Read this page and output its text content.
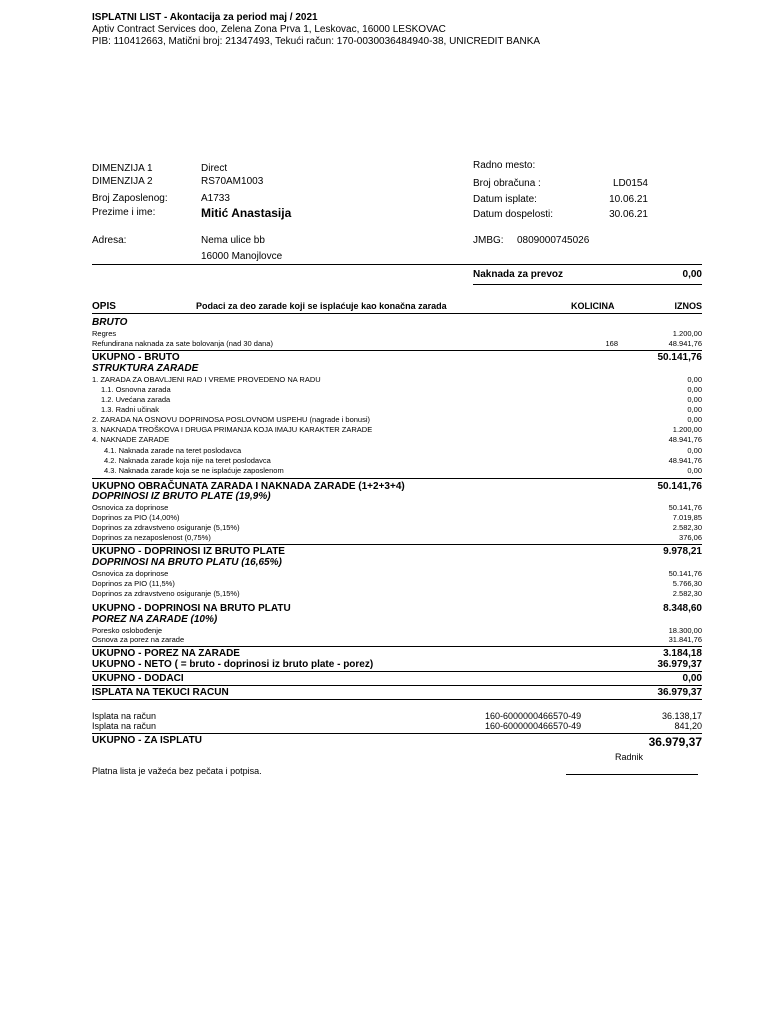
ISPLATNI LIST - Akontacija za period maj / 2021
Aptiv Contract Services doo, Zelena Zona Prva 1, Leskovac, 16000 LESKOVAC
PIB: 110412663, Matični broj: 21347493, Tekući račun: 170-0030036484940-38, UNICREDIT BANKA
DIMENZIJA 1	Direct
DIMENZIJA 2	RS70AM1003
Broj Zaposlenog:	A1733
Prezime i ime:	Mitić Anastasija
Adresa:	Nema ulice bb
16000 Manojlovce
Radno mesto:
Broj obračuna :	LD0154
Datum isplate:	10.06.21
Datum dospelosti:	30.06.21
JMBG: 0809000745026
Naknada za prevoz	0,00
OPIS	Podaci za deo zarade koji se isplaćuje kao konačna zarada	KOLICINA	IZNOS
BRUTO
Regres	1.200,00
Refundirana naknada za sate bolovanja (nad 30 dana)	168	48.941,76
UKUPNO - BRUTO	50.141,76
STRUKTURA ZARADE
1. ZARADA ZA OBAVLJENI RAD I VREME PROVEDENO NA RADU	0,00
1.1. Osnovna zarada	0,00
1.2. Uvećana zarada	0,00
1.3. Radni učinak	0,00
2. ZARADA NA OSNOVU DOPRINOSA POSLOVNOM USPEHU (nagrade i bonusi)	0,00
3. NAKNADA TROŠKOVA I DRUGA PRIMANJA KOJA IMAJU KARAKTER ZARADE	1.200,00
4. NAKNADE ZARADE	48.941,76
4.1. Naknada zarade na teret poslodavca	0,00
4.2. Naknada zarade koja nije na teret poslodavca	48.941,76
4.3. Naknada zarade koja se ne isplaćuje zaposlenom	0,00
UKUPNO OBRAČUNATA ZARADA I NAKNADA ZARADE (1+2+3+4)	50.141,76
DOPRINOSI IZ BRUTO PLATE (19,9%)
Osnovica za doprinose	50.141,76
Doprinos za PIO (14,00%)	7.019,85
Doprinos za zdravstveno osiguranje (5,15%)	2.582,30
Doprinos za nezaposlenost (0,75%)	376,06
UKUPNO - DOPRINOSI IZ BRUTO PLATE	9.978,21
DOPRINOSI NA BRUTO PLATU (16,65%)
Osnovica za doprinose	50.141,76
Doprinos za PIO (11,5%)	5.766,30
Doprinos za zdravstveno osiguranje (5,15%)	2.582,30
UKUPNO - DOPRINOSI NA BRUTO PLATU	8.348,60
POREZ NA ZARADE (10%)
Poresko oslobođenje	18.300,00
Osnova za porez na zarade	31.841,76
UKUPNO - POREZ NA ZARADE	3.184,18
UKUPNO - NETO ( = bruto - doprinosi iz bruto plate - porez)	36.979,37
UKUPNO - DODACI	0,00
ISPLATA NA TEKUCI RACUN	36.979,37
Isplata na račun	160-6000000466570-49	36.138,17
Isplata na račun	160-6000000466570-49	841,20
UKUPNO - ZA ISPLATU	36.979,37
Radnik
Platna lista je važeća bez pečata i potpisa.
